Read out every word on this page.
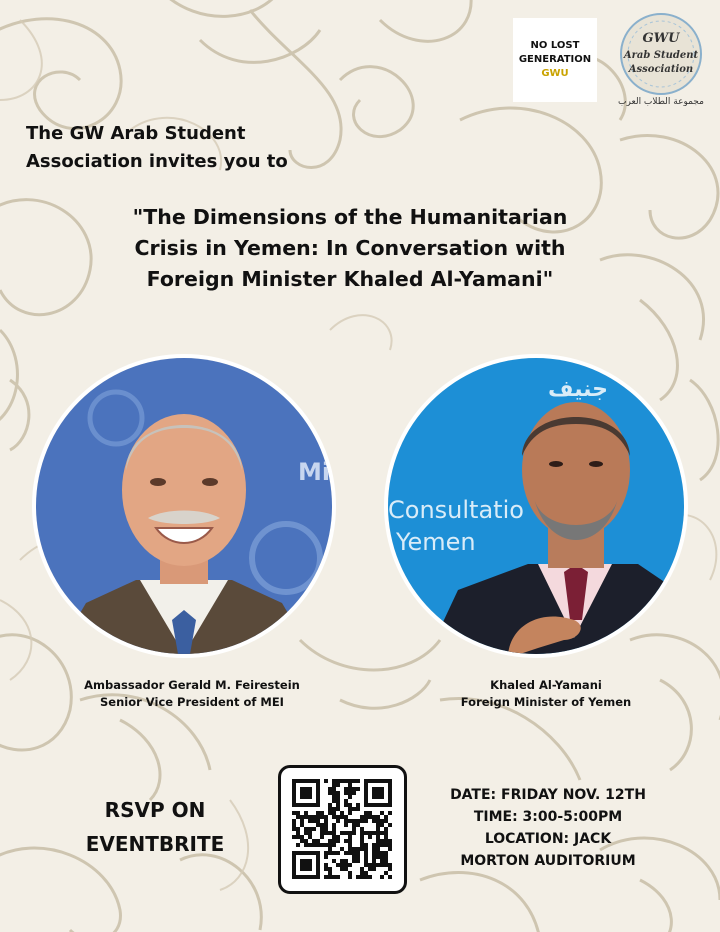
NO LOST
GENERATION
GWU
GWU
Arab Student
Association
مجموعة الطلاب العرب
The GW Arab Student
Association invites you to
"The Dimensions of the Humanitarian
Crisis in Yemen: In Conversation with
Foreign Minister Khaled Al-Yamani"
Mi
Consultatio
Yemen
جنيف
Ambassador Gerald M. Feirestein
Senior Vice President of MEI
Khaled Al-Yamani
Foreign Minister of Yemen
RSVP ON
EVENTBRITE
DATE: FRIDAY NOV. 12TH
TIME: 3:00-5:00PM
LOCATION: JACK
MORTON AUDITORIUM
